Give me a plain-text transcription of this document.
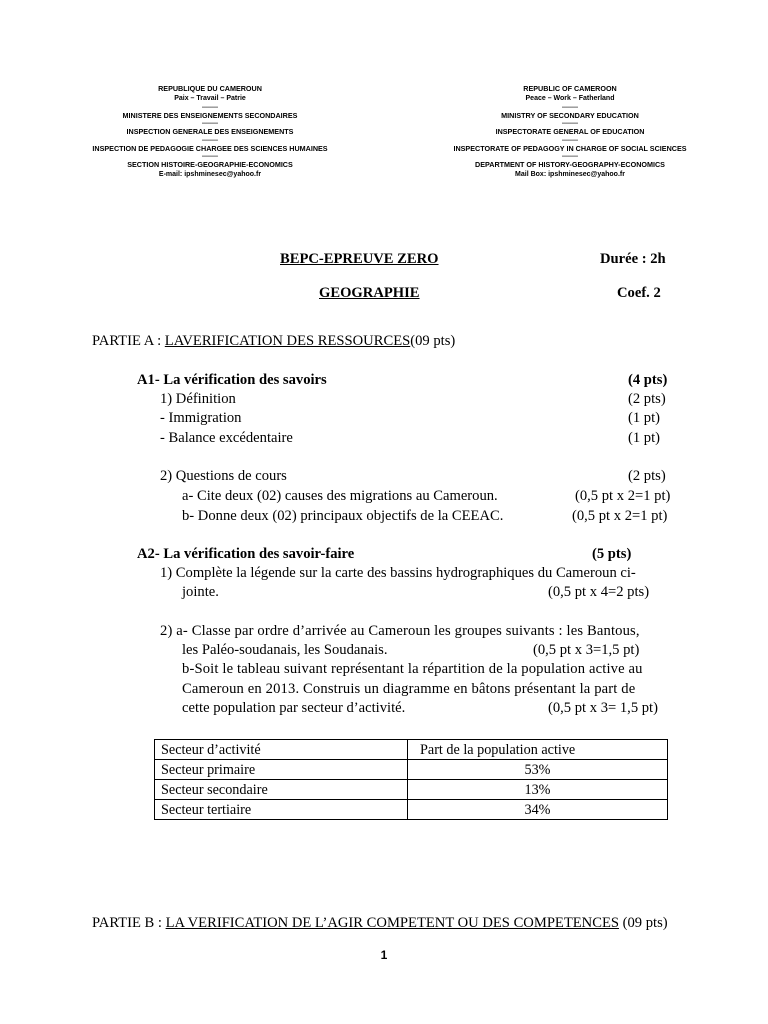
REPUBLIQUE DU CAMEROUN
Paix – Travail – Patrie
--------
MINISTERE DES ENSEIGNEMENTS SECONDAIRES
--------
INSPECTION GENERALE DES ENSEIGNEMENTS
--------
INSPECTION DE PEDAGOGIE CHARGEE DES SCIENCES HUMAINES
--------
SECTION HISTOIRE-GEOGRAPHIE-ECONOMICS
E-mail: ipshminesec@yahoo.fr
REPUBLIC OF CAMEROON
Peace – Work – Fatherland
--------
MINISTRY OF SECONDARY EDUCATION
--------
INSPECTORATE GENERAL OF EDUCATION
--------
INSPECTORATE OF PEDAGOGY IN CHARGE OF SOCIAL SCIENCES
--------
DEPARTMENT OF HISTORY-GEOGRAPHY-ECONOMICS
Mail Box: ipshminesec@yahoo.fr
BEPC-EPREUVE ZERO	Durée : 2h
GEOGRAPHIE	Coef. 2
PARTIE A : LAVERIFICATION DES RESSOURCES(09 pts)
A1- La vérification des savoirs	(4 pts)
1) Définition	(2 pts)
- Immigration	(1 pt)
- Balance excédentaire	(1 pt)
2) Questions de cours	(2 pts)
a- Cite deux (02) causes des migrations au Cameroun.	(0,5 pt x 2=1 pt)
b- Donne deux (02) principaux objectifs de la CEEAC.	(0,5 pt x 2=1 pt)
A2- La vérification des savoir-faire	(5 pts)
1) Complète la légende sur la carte des bassins hydrographiques du Cameroun ci-
jointe.	(0,5 pt x 4=2 pts)
2) a- Classe par ordre d’arrivée au Cameroun les groupes suivants : les Bantous,
les Paléo-soudanais, les Soudanais.	(0,5 pt x 3=1,5 pt)
b-Soit le tableau suivant représentant la répartition de la population active au
Cameroun en 2013. Construis un diagramme en bâtons présentant la part de
cette population par secteur d’activité.	(0,5 pt x 3= 1,5 pt)
Secteur d’activité	Part de la population active
Secteur primaire	53%
Secteur secondaire	13%
Secteur tertiaire	34%
PARTIE B : LA VERIFICATION DE L’AGIR COMPETENT OU DES COMPETENCES (09 pts)
1
